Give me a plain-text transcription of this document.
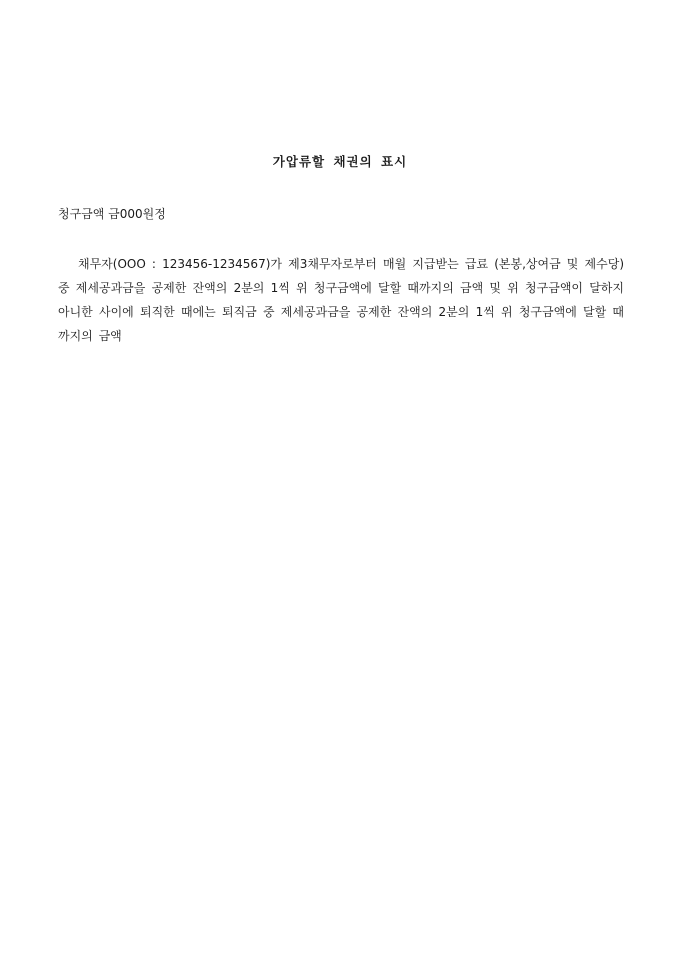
가압류할 채권의 표시

청구금액 금000원정

채무자(ΟΟΟ : 123456-1234567)가 제3채무자로부터 매월 지급받는 급료 (본봉,상여금 및 제수당) 중 제세공과금을 공제한 잔액의 2분의 1씩 위 청구금액에 달할 때까지의 금액 및 위 청구금액이 달하지 아니한 사이에 퇴직한 때에는 퇴직금 중 제세공과금을 공제한 잔액의 2분의 1씩 위 청구금액에 달할 때까지의 금액
